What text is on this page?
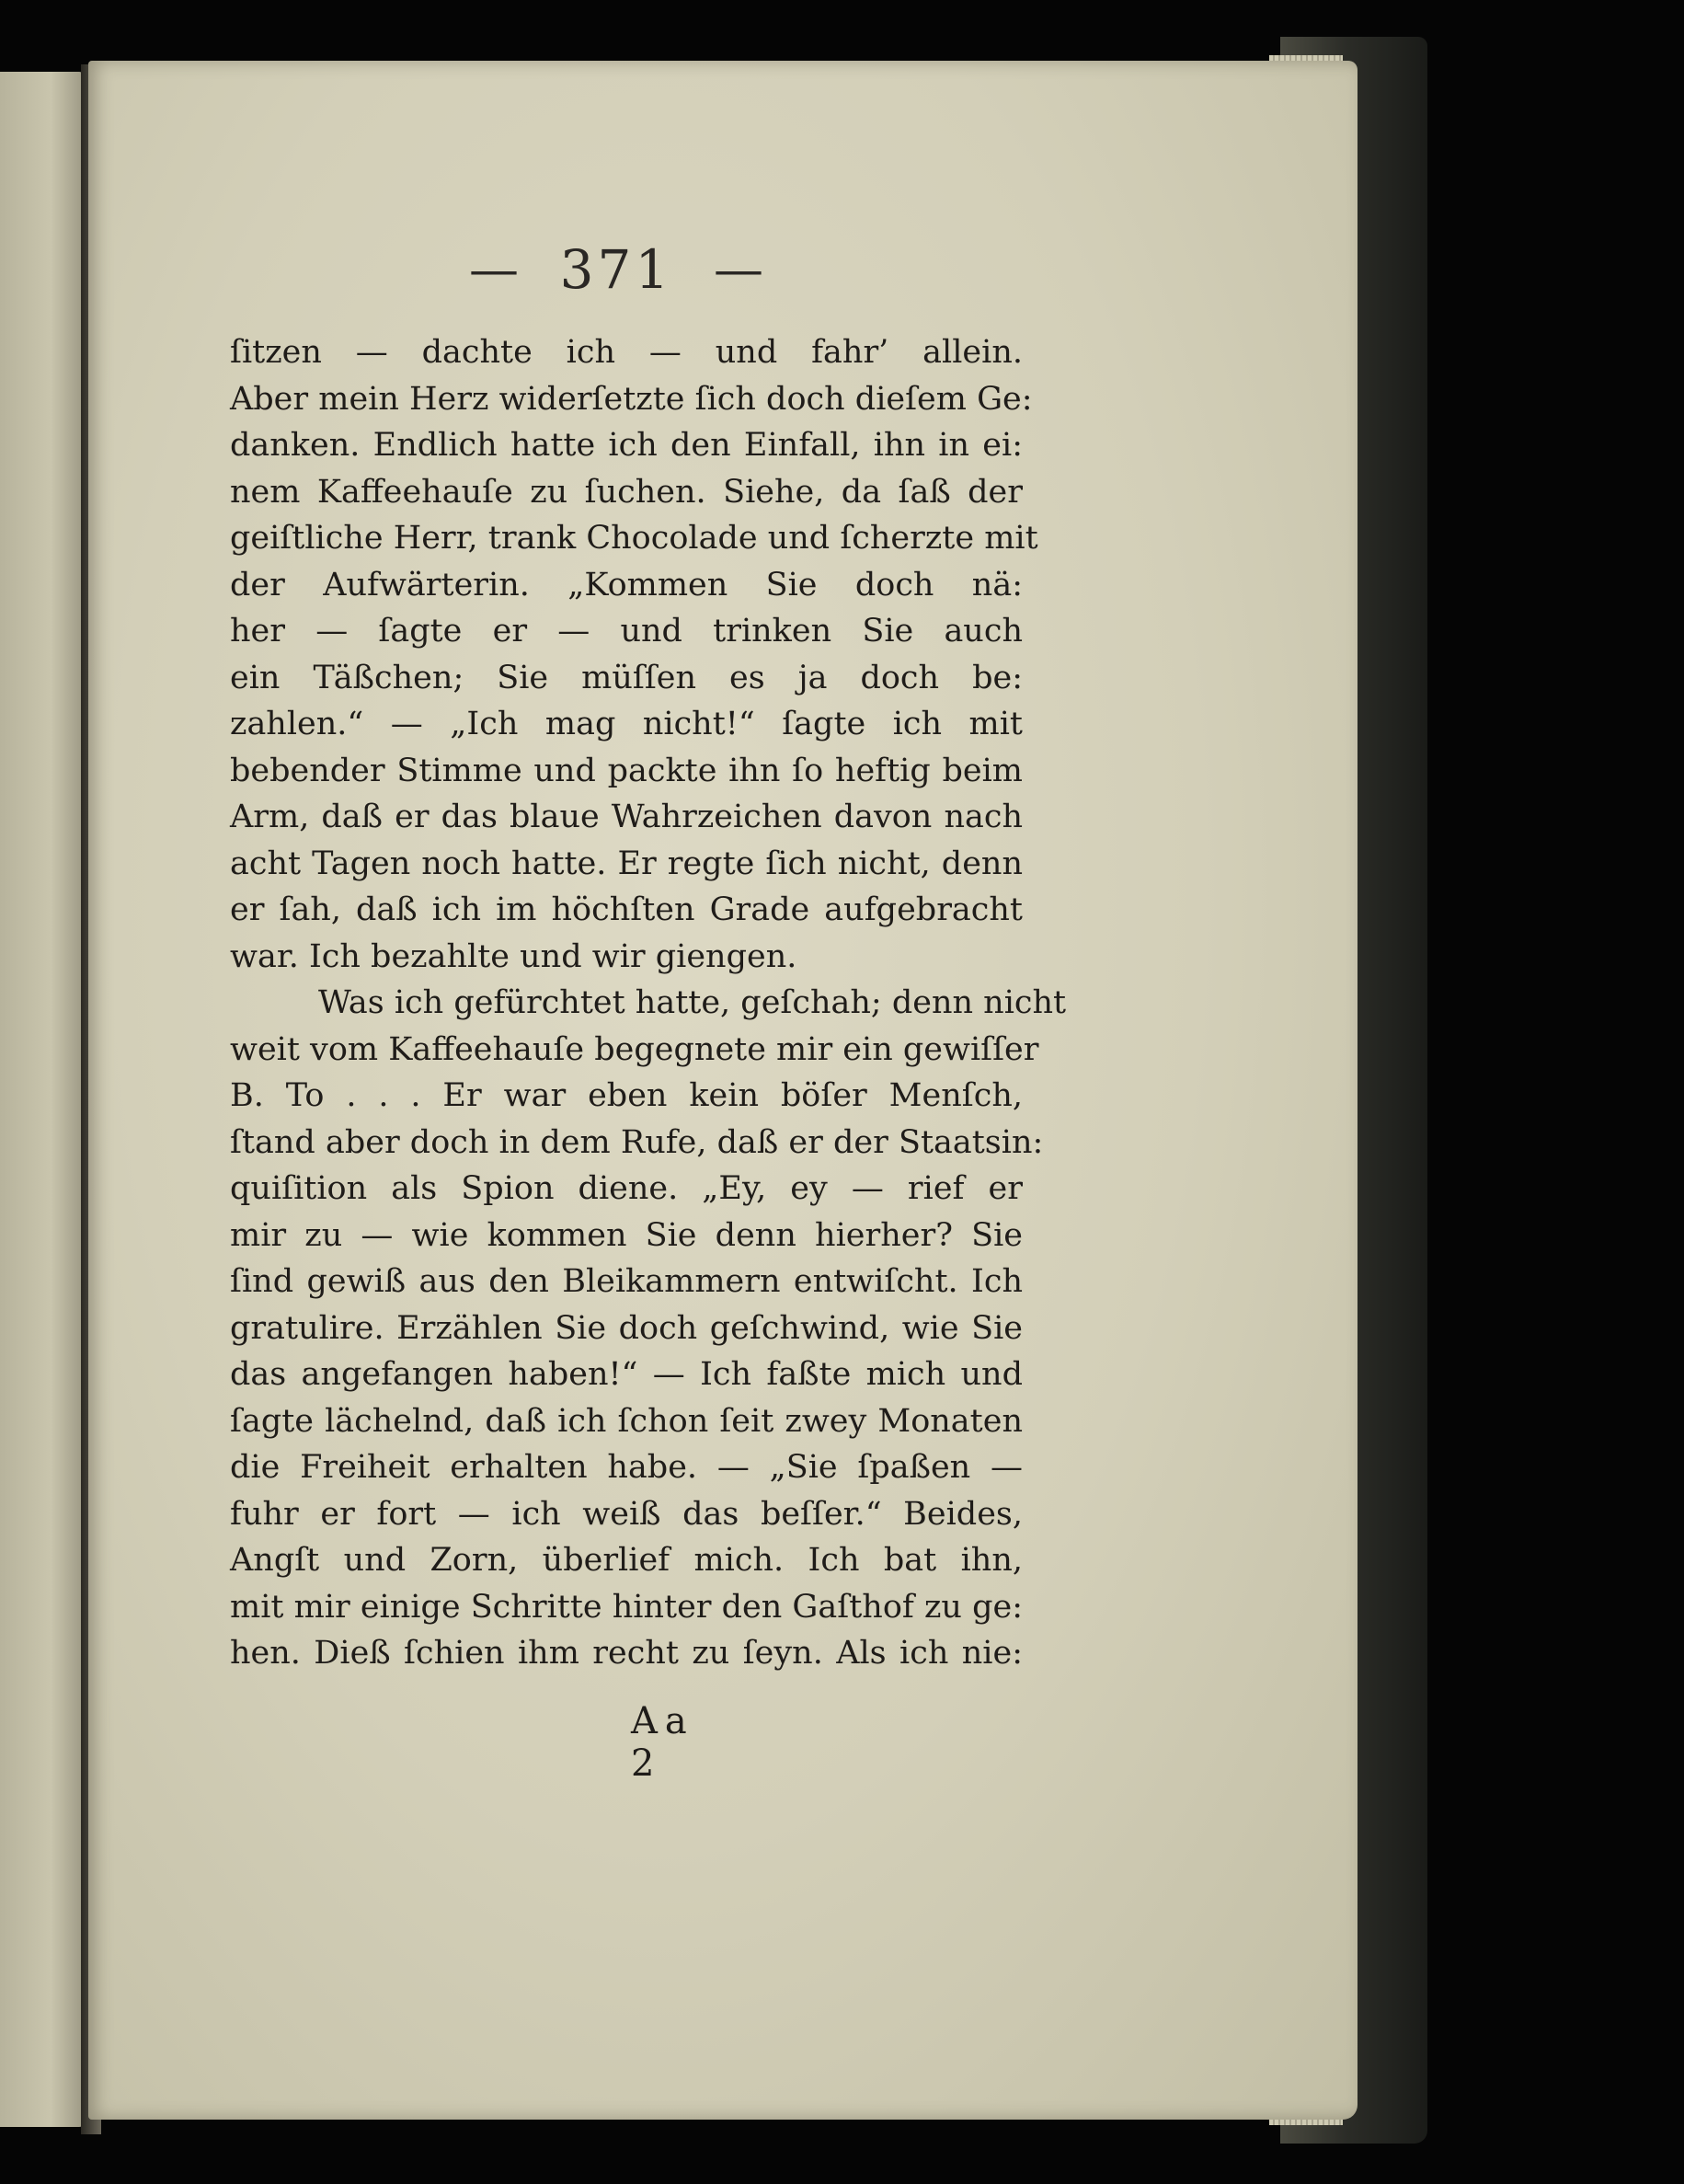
— 371 —
ſitzen — dachte ich — und fahr’ allein.
Aber mein Herz widerſetzte ſich doch dieſem Ge:
danken. Endlich hatte ich den Einfall, ihn in ei:
nem Kaffeehauſe zu ſuchen. Siehe, da ſaß der
geiſtliche Herr, trank Chocolade und ſcherzte mit
der Aufwärterin. „Kommen Sie doch nä:
her — ſagte er — und trinken Sie auch
ein Täßchen; Sie müſſen es ja doch be:
zahlen.“ — „Ich mag nicht!“ ſagte ich mit
bebender Stimme und packte ihn ſo heftig beim
Arm, daß er das blaue Wahrzeichen davon nach
acht Tagen noch hatte. Er regte ſich nicht, denn
er ſah, daß ich im höchſten Grade aufgebracht
war. Ich bezahlte und wir giengen.
Was ich gefürchtet hatte, geſchah; denn nicht
weit vom Kaffeehauſe begegnete mir ein gewiſſer
B. To . . . Er war eben kein böſer Menſch,
ſtand aber doch in dem Rufe, daß er der Staatsin:
quiſition als Spion diene. „Ey, ey — rief er
mir zu — wie kommen Sie denn hierher? Sie
ſind gewiß aus den Bleikammern entwiſcht. Ich
gratulire. Erzählen Sie doch geſchwind, wie Sie
das angefangen haben!“ — Ich faßte mich und
ſagte lächelnd, daß ich ſchon ſeit zwey Monaten
die Freiheit erhalten habe. — „Sie ſpaßen —
fuhr er fort — ich weiß das beſſer.“ Beides,
Angſt und Zorn, überlief mich. Ich bat ihn,
mit mir einige Schritte hinter den Gaſthof zu ge:
hen. Dieß ſchien ihm recht zu ſeyn. Als ich nie:
Aa 2
